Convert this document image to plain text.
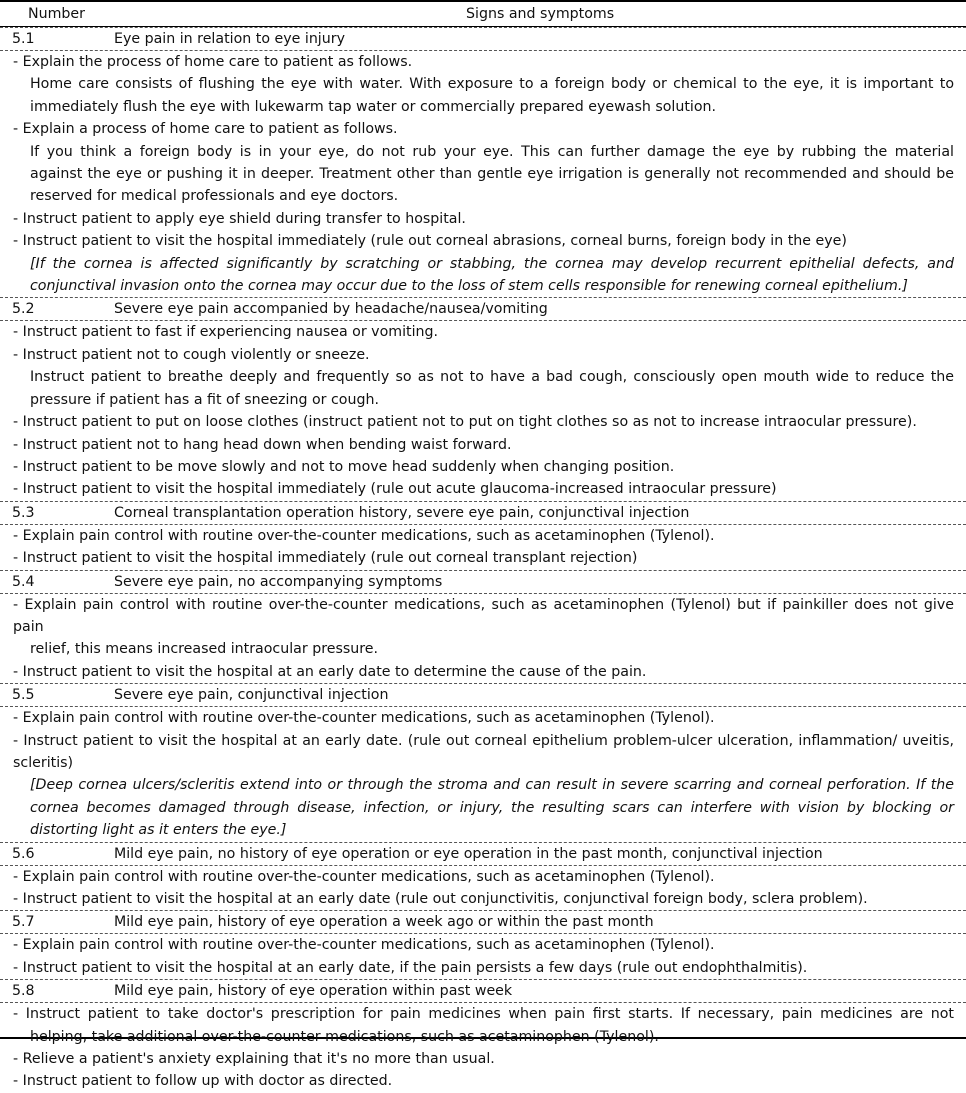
Number	Signs and symptoms
5.1	Eye pain in relation to eye injury
- Explain the process of home care to patient as follows.
Home care consists of flushing the eye with water. With exposure to a foreign body or chemical to the eye, it is important to
immediately flush the eye with lukewarm tap water or commercially prepared eyewash solution.
- Explain a process of home care to patient as follows.
If you think a foreign body is in your eye, do not rub your eye. This can further damage the eye by rubbing the material
against the eye or pushing it in deeper. Treatment other than gentle eye irrigation is generally not recommended and should be
reserved for medical professionals and eye doctors.
- Instruct patient to apply eye shield during transfer to hospital.
- Instruct patient to visit the hospital immediately (rule out corneal abrasions, corneal burns, foreign body in the eye)
[If the cornea is affected significantly by scratching or stabbing, the cornea may develop recurrent epithelial defects, and
conjunctival invasion onto the cornea may occur due to the loss of stem cells responsible for renewing corneal epithelium.]
5.2	Severe eye pain accompanied by headache/nausea/vomiting
- Instruct patient to fast if experiencing nausea or vomiting.
- Instruct patient not to cough violently or sneeze.
Instruct patient to breathe deeply and frequently so as not to have a bad cough, consciously open mouth wide to reduce the
pressure if patient has a fit of sneezing or cough.
- Instruct patient to put on loose clothes (instruct patient not to put on tight clothes so as not to increase intraocular pressure).
- Instruct patient not to hang head down when bending waist forward.
- Instruct patient to be move slowly and not to move head suddenly when changing position.
- Instruct patient to visit the hospital immediately (rule out acute glaucoma-increased intraocular pressure)
5.3	Corneal transplantation operation history, severe eye pain, conjunctival injection
- Explain pain control with routine over-the-counter medications, such as acetaminophen (Tylenol).
- Instruct patient to visit the hospital immediately (rule out corneal transplant rejection)
5.4	Severe eye pain, no accompanying symptoms
- Explain pain control with routine over-the-counter medications, such as acetaminophen (Tylenol) but if painkiller does not give pain
relief, this means increased intraocular pressure.
- Instruct patient to visit the hospital at an early date to determine the cause of the pain.
5.5	Severe eye pain, conjunctival injection
- Explain pain control with routine over-the-counter medications, such as acetaminophen (Tylenol).
- Instruct patient to visit the hospital at an early date. (rule out corneal epithelium problem-ulcer ulceration, inflammation/ uveitis, scleritis)
[Deep cornea ulcers/scleritis extend into or through the stroma and can result in severe scarring and corneal perforation. If the
cornea becomes damaged through disease, infection, or injury, the resulting scars can interfere with vision by blocking or
distorting light as it enters the eye.]
5.6	Mild eye pain, no history of eye operation or eye operation in the past month, conjunctival injection
- Explain pain control with routine over-the-counter medications, such as acetaminophen (Tylenol).
- Instruct patient to visit the hospital at an early date (rule out conjunctivitis, conjunctival foreign body, sclera problem).
5.7	Mild eye pain, history of eye operation a week ago or within the past month
- Explain pain control with routine over-the-counter medications, such as acetaminophen (Tylenol).
- Instruct patient to visit the hospital at an early date, if the pain persists a few days (rule out endophthalmitis).
5.8	Mild eye pain, history of eye operation within past week
- Instruct patient to take doctor's prescription for pain medicines when pain first starts. If necessary, pain medicines are not
helping, take additional over-the-counter medications, such as acetaminophen (Tylenol).
- Relieve a patient's anxiety explaining that it's no more than usual.
- Instruct patient to follow up with doctor as directed.
